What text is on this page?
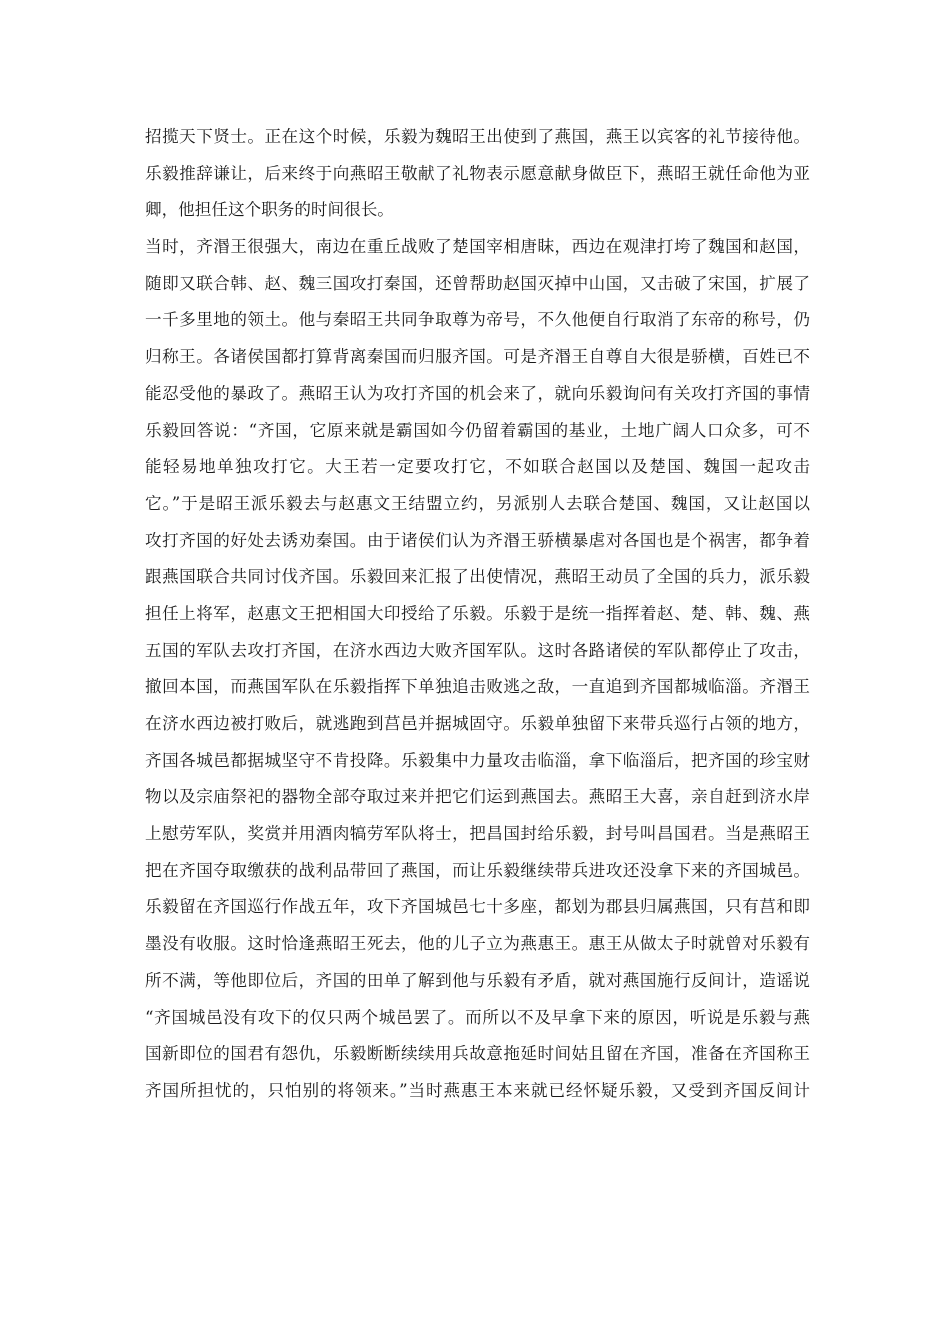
招揽天下贤士。正在这个时候，乐毅为魏昭王出使到了燕国，燕王以宾客的礼节接待他。
乐毅推辞谦让，后来终于向燕昭王敬献了礼物表示愿意献身做臣下，燕昭王就任命他为亚
卿，他担任这个职务的时间很长。
当时，齐湣王很强大，南边在重丘战败了楚国宰相唐眜，西边在观津打垮了魏国和赵国，
随即又联合韩、赵、魏三国攻打秦国，还曾帮助赵国灭掉中山国，又击破了宋国，扩展了
一千多里地的领土。他与秦昭王共同争取尊为帝号，不久他便自行取消了东帝的称号，仍
归称王。各诸侯国都打算背离秦国而归服齐国。可是齐湣王自尊自大很是骄横，百姓已不
能忍受他的暴政了。燕昭王认为攻打齐国的机会来了，就向乐毅询问有关攻打齐国的事情
乐毅回答说：“齐国，它原来就是霸国如今仍留着霸国的基业，土地广阔人口众多，可不
能轻易地单独攻打它。大王若一定要攻打它，不如联合赵国以及楚国、魏国一起攻击
它。”于是昭王派乐毅去与赵惠文王结盟立约，另派别人去联合楚国、魏国，又让赵国以
攻打齐国的好处去诱劝秦国。由于诸侯们认为齐湣王骄横暴虐对各国也是个祸害，都争着
跟燕国联合共同讨伐齐国。乐毅回来汇报了出使情况，燕昭王动员了全国的兵力，派乐毅
担任上将军，赵惠文王把相国大印授给了乐毅。乐毅于是统一指挥着赵、楚、韩、魏、燕
五国的军队去攻打齐国，在济水西边大败齐国军队。这时各路诸侯的军队都停止了攻击，
撤回本国，而燕国军队在乐毅指挥下单独追击败逃之敌，一直追到齐国都城临淄。齐湣王
在济水西边被打败后，就逃跑到莒邑并据城固守。乐毅单独留下来带兵巡行占领的地方，
齐国各城邑都据城坚守不肯投降。乐毅集中力量攻击临淄，拿下临淄后，把齐国的珍宝财
物以及宗庙祭祀的器物全部夺取过来并把它们运到燕国去。燕昭王大喜，亲自赶到济水岸
上慰劳军队，奖赏并用酒肉犒劳军队将士，把昌国封给乐毅，封号叫昌国君。当是燕昭王
把在齐国夺取缴获的战利品带回了燕国，而让乐毅继续带兵进攻还没拿下来的齐国城邑。
乐毅留在齐国巡行作战五年，攻下齐国城邑七十多座，都划为郡县归属燕国，只有莒和即
墨没有收服。这时恰逢燕昭王死去，他的儿子立为燕惠王。惠王从做太子时就曾对乐毅有
所不满，等他即位后，齐国的田单了解到他与乐毅有矛盾，就对燕国施行反间计，造谣说
“齐国城邑没有攻下的仅只两个城邑罢了。而所以不及早拿下来的原因，听说是乐毅与燕
国新即位的国君有怨仇，乐毅断断续续用兵故意拖延时间姑且留在齐国，准备在齐国称王
齐国所担忧的，只怕别的将领来。”当时燕惠王本来就已经怀疑乐毅，又受到齐国反间计
